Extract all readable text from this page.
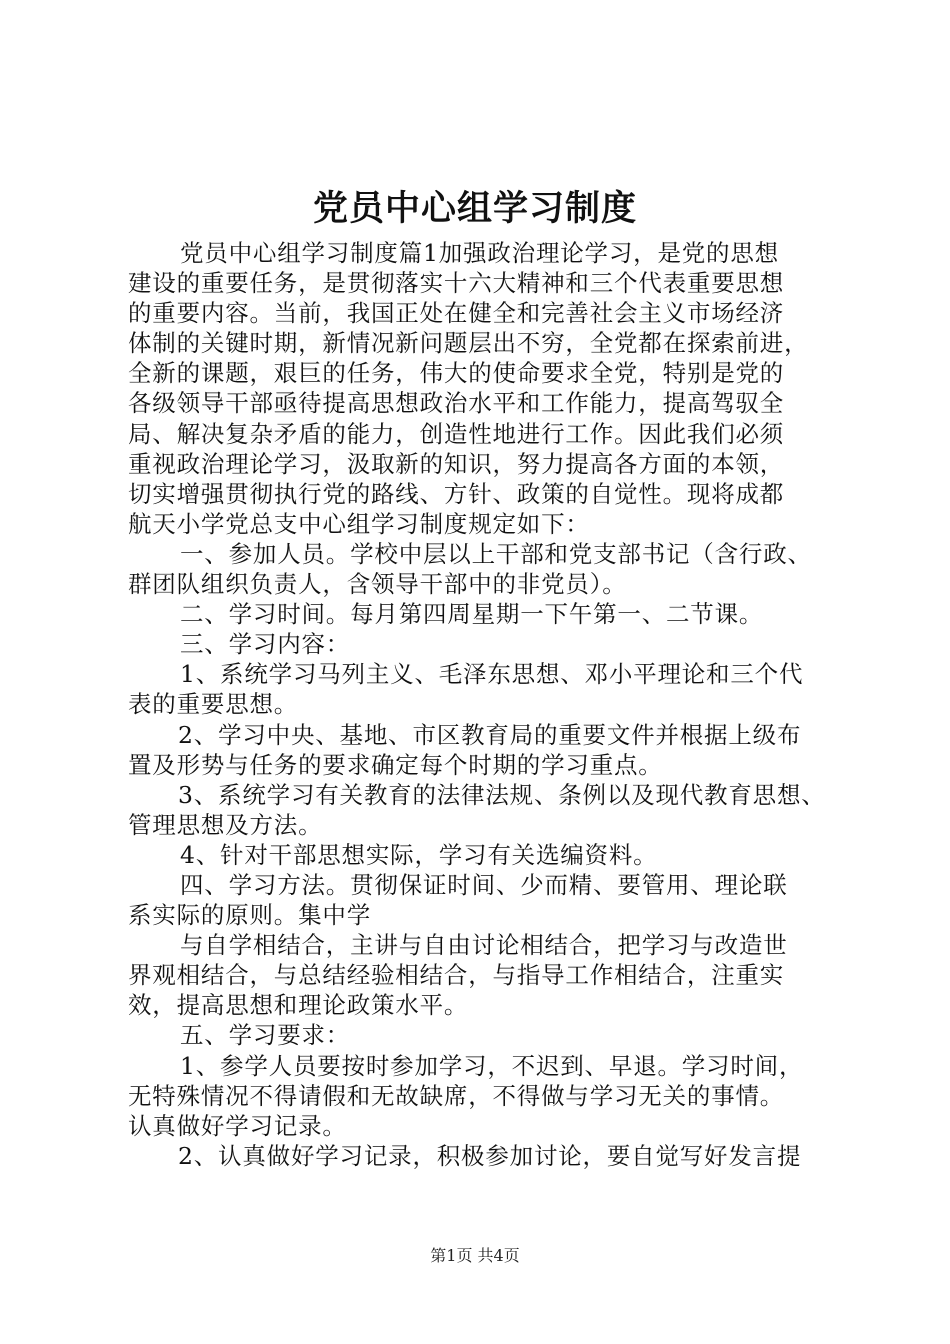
党员中心组学习制度
党员中心组学习制度篇1加强政治理论学习，是党的思想
建设的重要任务，是贯彻落实十六大精神和三个代表重要思想
的重要内容。当前，我国正处在健全和完善社会主义市场经济
体制的关键时期，新情况新问题层出不穷，全党都在探索前进，
全新的课题，艰巨的任务，伟大的使命要求全党，特别是党的
各级领导干部亟待提高思想政治水平和工作能力，提高驾驭全
局、解决复杂矛盾的能力，创造性地进行工作。因此我们必须
重视政治理论学习，汲取新的知识，努力提高各方面的本领，
切实增强贯彻执行党的路线、方针、政策的自觉性。现将成都
航天小学党总支中心组学习制度规定如下：
一、参加人员。学校中层以上干部和党支部书记（含行政、
群团队组织负责人，含领导干部中的非党员）。
二、学习时间。每月第四周星期一下午第一、二节课。
三、学习内容：
1、系统学习马列主义、毛泽东思想、邓小平理论和三个代
表的重要思想。
2、学习中央、基地、市区教育局的重要文件并根据上级布
置及形势与任务的要求确定每个时期的学习重点。
3、系统学习有关教育的法律法规、条例以及现代教育思想、
管理思想及方法。
4、针对干部思想实际，学习有关选编资料。
四、学习方法。贯彻保证时间、少而精、要管用、理论联
系实际的原则。集中学
与自学相结合，主讲与自由讨论相结合，把学习与改造世
界观相结合，与总结经验相结合，与指导工作相结合，注重实
效，提高思想和理论政策水平。
五、学习要求：
1、参学人员要按时参加学习，不迟到、早退。学习时间，
无特殊情况不得请假和无故缺席，不得做与学习无关的事情。
认真做好学习记录。
2、认真做好学习记录，积极参加讨论，要自觉写好发言提
第1页 共4页
